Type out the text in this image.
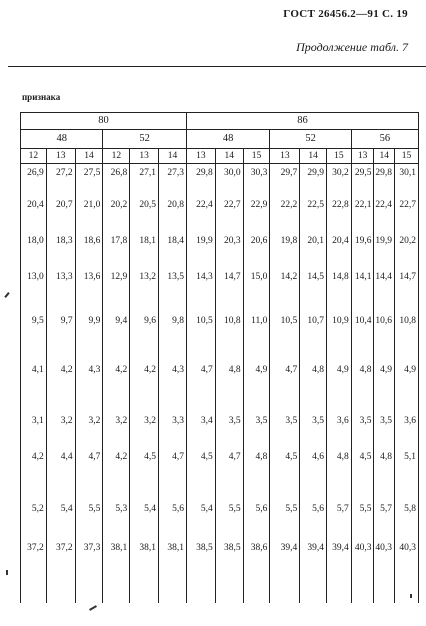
ГОСТ 26456.2—91 С. 19
Продолжение табл. 7
признака
80						86								
48			52			48			52			56		
12	13	14	12	13	14	13	14	15	13	14	15	13	14	15
26,9	27,2	27,5	26,8	27,1	27,3	29,8	30,0	30,3	29,7	29,9	30,2	29,5	29,8	30,1
20,4	20,7	21,0	20,2	20,5	20,8	22,4	22,7	22,9	22,2	22,5	22,8	22,1	22,4	22,7
18,0	18,3	18,6	17,8	18,1	18,4	19,9	20,3	20,6	19,8	20,1	20,4	19,6	19,9	20,2
13,0	13,3	13,6	12,9	13,2	13,5	14,3	14,7	15,0	14,2	14,5	14,8	14,1	14,4	14,7
9,5	9,7	9,9	9,4	9,6	9,8	10,5	10,8	11,0	10,5	10,7	10,9	10,4	10,6	10,8
4,1	4,2	4,3	4,2	4,2	4,3	4,7	4,8	4,9	4,7	4,8	4,9	4,8	4,9	4,9
3,1	3,2	3,2	3,2	3,2	3,3	3,4	3,5	3,5	3,5	3,5	3,6	3,5	3,5	3,6
4,2	4,4	4,7	4,2	4,5	4,7	4,5	4,7	4,8	4,5	4,6	4,8	4,5	4,8	5,1
5,2	5,4	5,5	5,3	5,4	5,6	5,4	5,5	5,6	5,5	5,6	5,7	5,5	5,7	5,8
37,2	37,2	37,3	38,1	38,1	38,1	38,5	38,5	38,6	39,4	39,4	39,4	40,3	40,3	40,3
